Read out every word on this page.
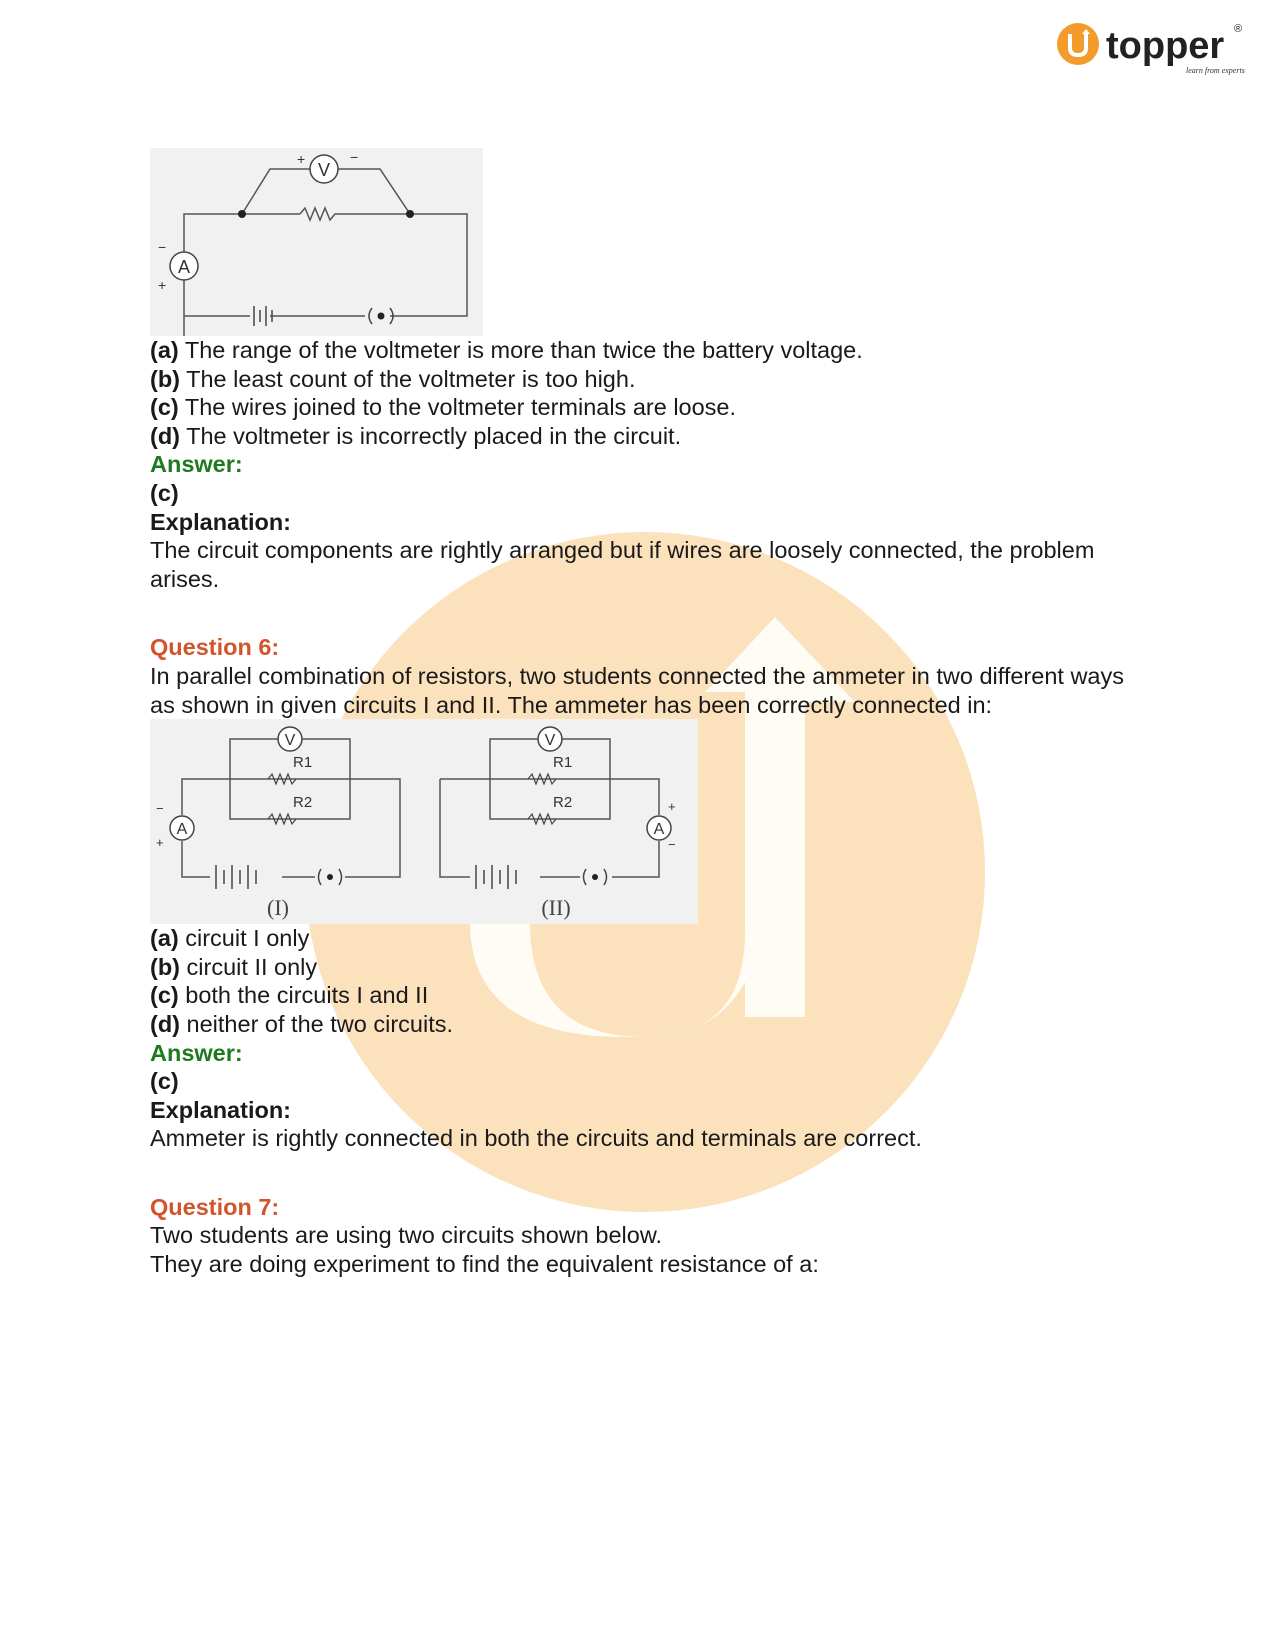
topper ®
learn from experts
V
+	−
A
−
+

(a) The range of the voltmeter is more than twice the battery voltage.

(b) The least count of the voltmeter is too high.

(c) The wires joined to the voltmeter terminals are loose.

(d) The voltmeter is incorrectly placed in the circuit.

Answer:

(c)

Explanation:

The circuit components are rightly arranged but if wires are loosely connected, the problem arises.

Question 6:

In parallel combination of resistors, two students connected the ammeter in two different ways as shown in given circuits I and II. The ammeter has been correctly connected in:

R1
R2
R1
R2
V	V
A	A
−
+
+
−
(I)	(II)

(a) circuit I only

(b) circuit II only

(c) both the circuits I and II

(d) neither of the two circuits.

Answer:

(c)

Explanation:

Ammeter is rightly connected in both the circuits and terminals are correct.

Question 7:

Two students are using two circuits shown below.

They are doing experiment to find the equivalent resistance of a:
